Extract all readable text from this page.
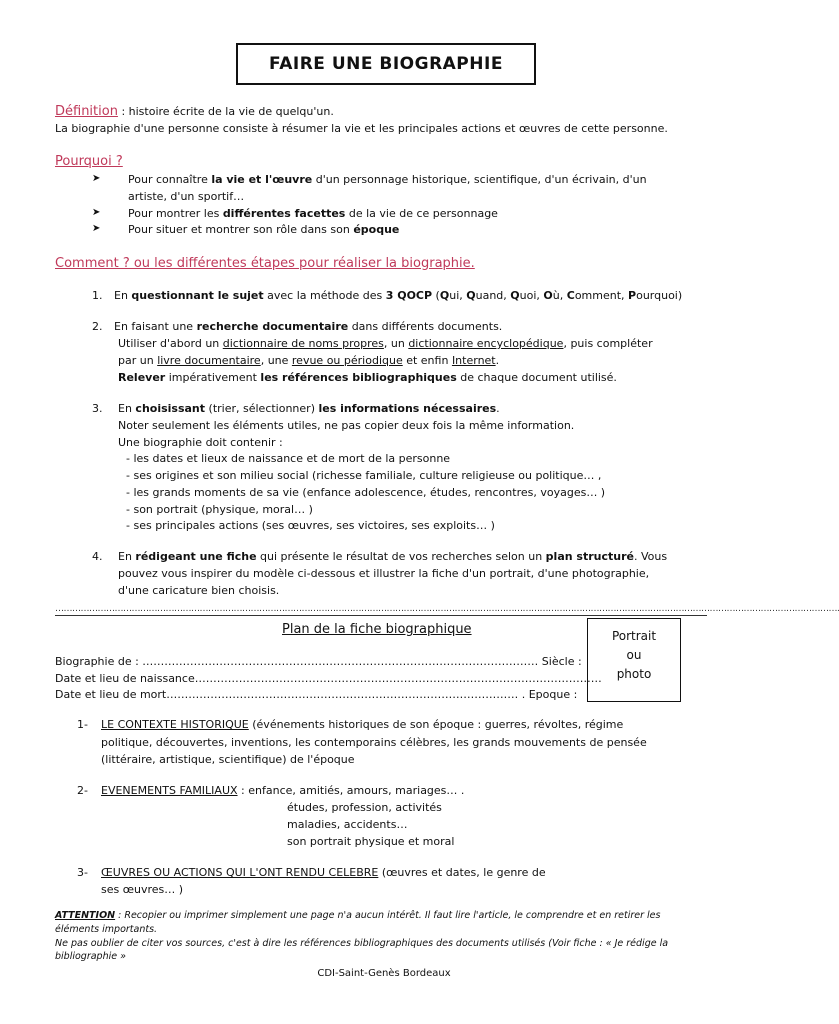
FAIRE UNE BIOGRAPHIE
Définition : histoire écrite de la vie de quelqu'un.
La biographie d'une personne consiste à résumer la vie et les principales actions et œuvres de cette personne.
Pourquoi ?
➤	Pour connaître la vie et l'œuvre d'un personnage historique, scientifique, d'un écrivain, d'un
artiste, d'un sportif…
➤	Pour montrer les différentes facettes de la vie de ce personnage
➤	Pour situer et montrer son rôle dans son époque
Comment ? ou les différentes étapes pour réaliser la biographie.
1. En questionnant le sujet avec la méthode des 3 QOCP (Qui, Quand, Quoi, Où, Comment, Pourquoi)
2. En faisant une recherche documentaire dans différents documents.
Utiliser d'abord un dictionnaire de noms propres, un dictionnaire encyclopédique, puis compléter
par un livre documentaire, une revue ou périodique et enfin Internet.
Relever impérativement les références bibliographiques de chaque document utilisé.
3. En choisissant (trier, sélectionner) les informations nécessaires.
Noter seulement les éléments utiles, ne pas copier deux fois la même information.
Une biographie doit contenir :
- les dates et lieux de naissance et de mort de la personne
- ses origines et son milieu social (richesse familiale, culture religieuse ou politique… ,
- les grands moments de sa vie (enfance adolescence, études, rencontres, voyages… )
- son portrait (physique, moral… )
- ses principales actions (ses œuvres, ses victoires, ses exploits… )
4. En rédigeant une fiche qui présente le résultat de vos recherches selon un plan structuré. Vous
pouvez vous inspirer du modèle ci-dessous et illustrer la fiche d'un portrait, d'une photographie,
d'une caricature bien choisis.
…………………………………………………………………………………………………………………………………………………………………………………………………………………………………………………….
Plan de la fiche biographique	Portrait
ou
photo
Biographie de : ……………………………………………………………………………………………… Siècle :
Date et lieu de naissance…………………………………………………………………………………………………
Date et lieu de mort…………………………………………………………………………………… . Epoque :
1- LE CONTEXTE HISTORIQUE (événements historiques de son époque : guerres, révoltes, régime
politique, découvertes, inventions, les contemporains célèbres, les grands mouvements de pensée
(littéraire, artistique, scientifique) de l'époque
2- EVENEMENTS FAMILIAUX : enfance, amitiés, amours, mariages… .
études, profession, activités
maladies, accidents…
son portrait physique et moral
3- ŒUVRES OU ACTIONS QUI L'ONT RENDU CELEBRE (œuvres et dates, le genre de
ses œuvres… )
ATTENTION : Recopier ou imprimer simplement une page n'a aucun intérêt. Il faut lire l'article, le comprendre et en retirer les
éléments importants.
Ne pas oublier de citer vos sources, c'est à dire les références bibliographiques des documents utilisés (Voir fiche : « Je rédige la
bibliographie »
CDI-Saint-Genès Bordeaux
